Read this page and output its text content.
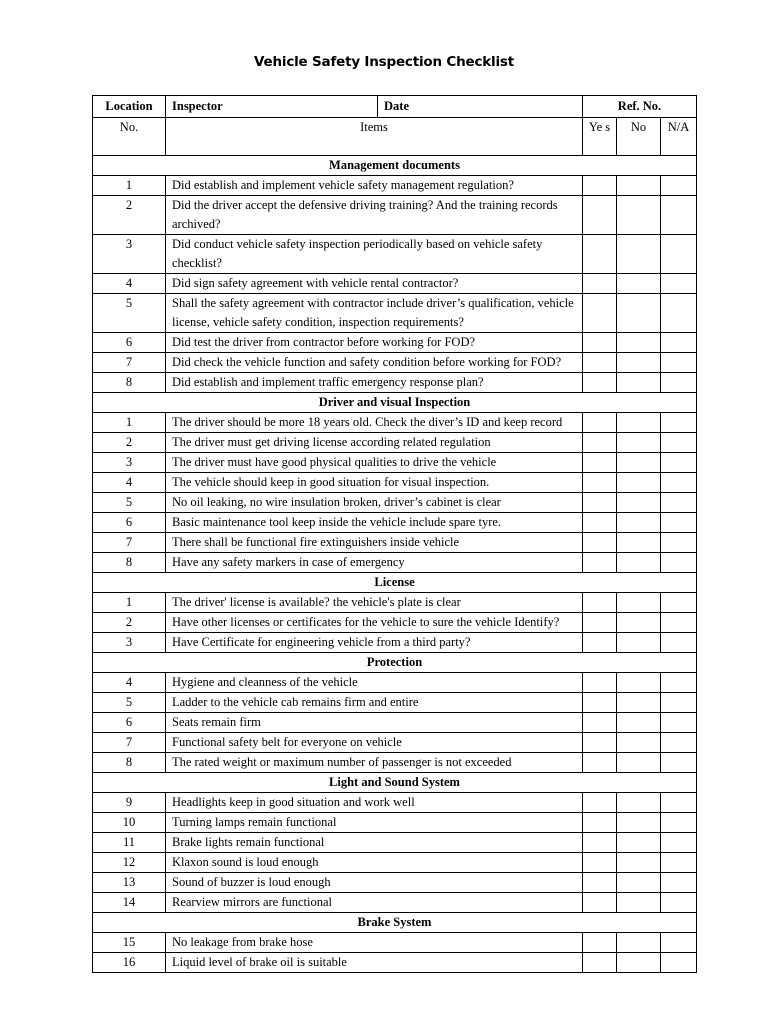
Vehicle Safety Inspection Checklist
Location	Inspector	Date	Ref. No.		
No.	Items		Ye s	No	N/A
Management documents					
1	Did establish and implement vehicle safety management regulation?				
2	Did the driver accept the defensive driving training? And the training records archived?				
3	Did conduct vehicle safety inspection periodically based on vehicle safety checklist?				
4	Did sign safety agreement with vehicle rental contractor?				
5	Shall the safety agreement with contractor include driver’s qualification, vehicle license, vehicle safety condition, inspection requirements?				
6	Did test the driver from contractor before working for FOD?				
7	Did check the vehicle function and safety condition before working for FOD?				
8	Did establish and implement traffic emergency response plan?				
Driver and visual Inspection					
1	The driver should be more 18 years old. Check the diver’s ID and keep record				
2	The driver must get driving license according related regulation				
3	The driver must have good physical qualities to drive the vehicle				
4	The vehicle should keep in good situation for visual inspection.				
5	No oil leaking, no wire insulation broken, driver’s cabinet is clear				
6	Basic maintenance tool keep inside the vehicle include spare tyre.				
7	There shall be functional fire extinguishers inside vehicle				
8	Have any safety markers in case of emergency				
License					
1	The driver' license is available? the vehicle's plate is clear				
2	Have other licenses or certificates for the vehicle to sure the vehicle Identify?				
3	Have Certificate for engineering vehicle from a third party?				
Protection					
4	Hygiene and cleanness of the vehicle				
5	Ladder to the vehicle cab remains firm and entire				
6	Seats remain firm				
7	Functional safety belt for everyone on vehicle				
8	The rated weight or maximum number of passenger is not exceeded				
Light and Sound System					
9	Headlights keep in good situation and work well				
10	Turning lamps remain functional				
11	Brake lights remain functional				
12	Klaxon sound is loud enough				
13	Sound of buzzer is loud enough				
14	Rearview mirrors are functional				
Brake System					
15	No leakage from brake hose				
16	Liquid level of brake oil is suitable				
